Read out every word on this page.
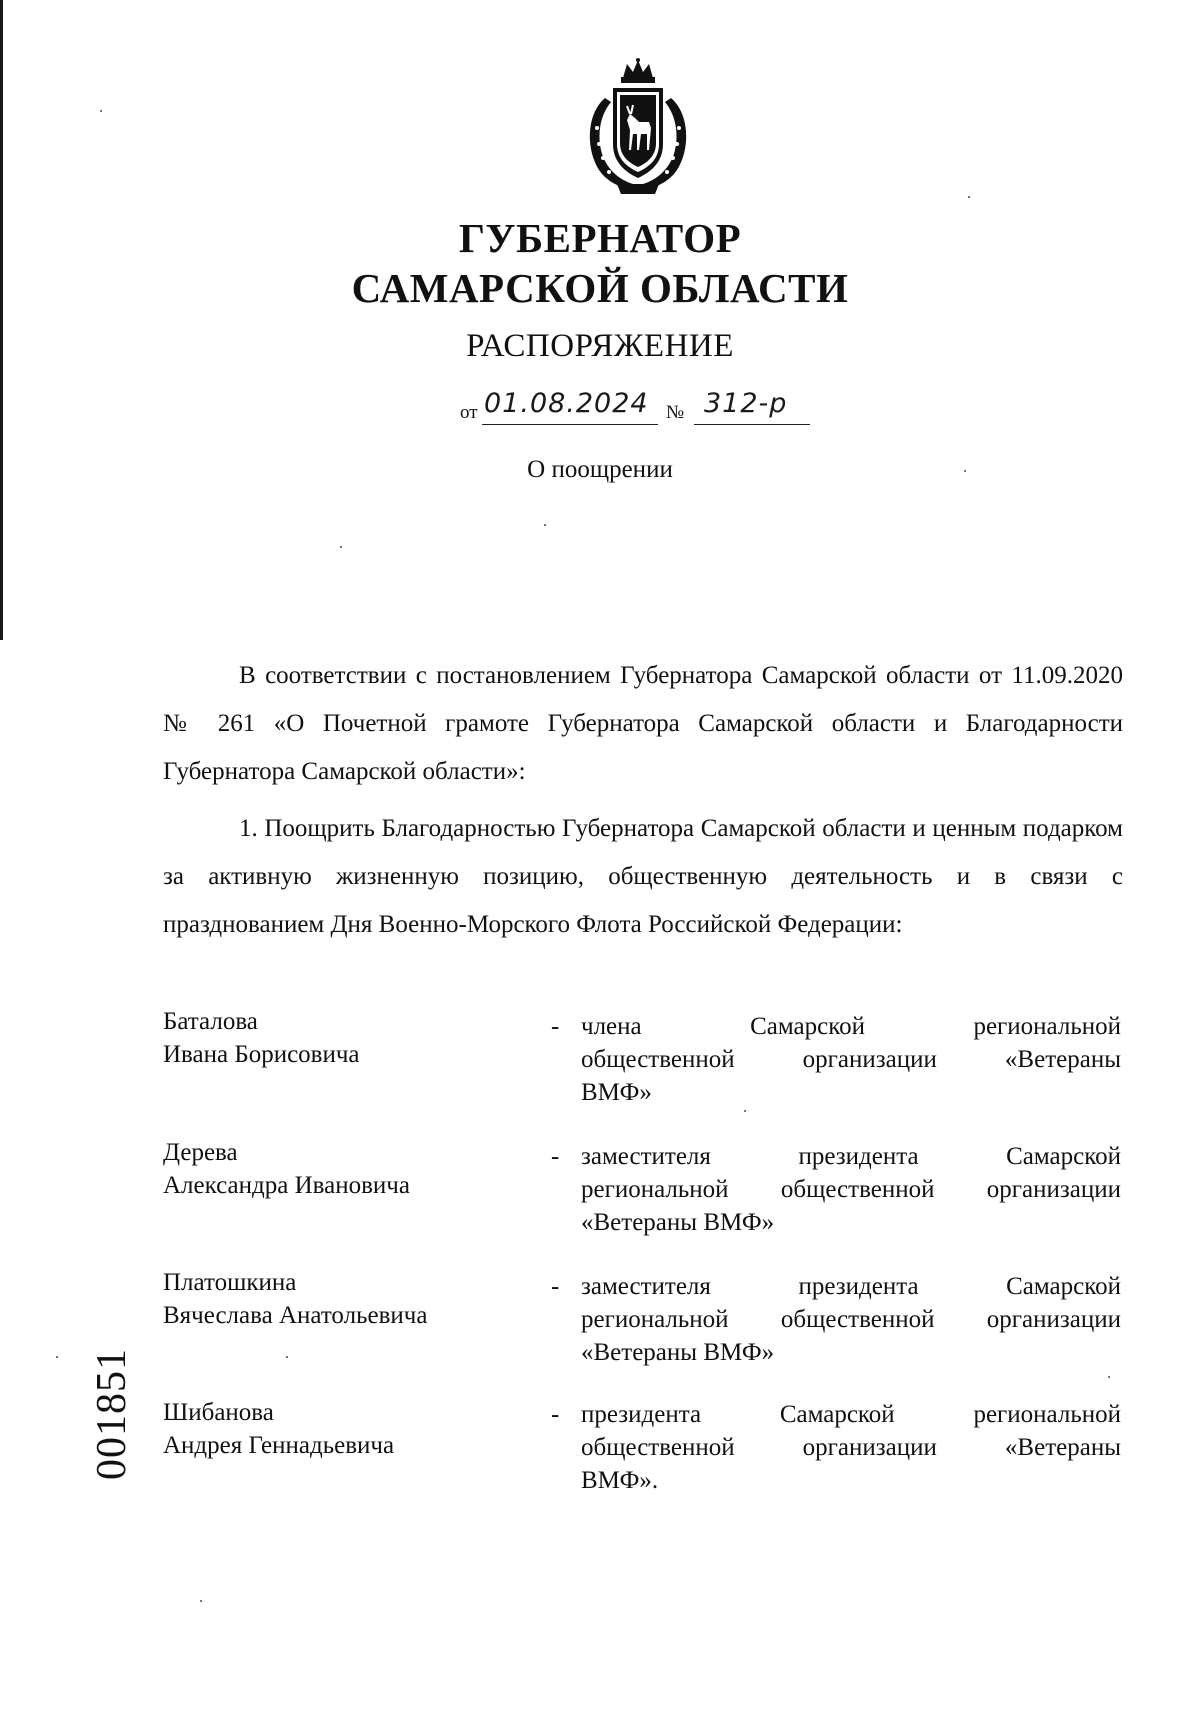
ГУБЕРНАТОР
САМАРСКОЙ ОБЛАСТИ
РАСПОРЯЖЕНИЕ
от 01.08.2024 № 312-р
О поощрении
В соответствии с постановлением Губернатора Самарской области от 11.09.2020 № 261 «О Почетной грамоте Губернатора Самарской области и Благодарности Губернатора Самарской области»:
1. Поощрить Благодарностью Губернатора Самарской области и ценным подарком за активную жизненную позицию, общественную деятельность и в связи с празднованием Дня Военно-Морского Флота Российской Федерации:
Баталова
Ивана Борисовича
- члена Самарской региональной
общественной организации «Ветераны
ВМФ»
Дерева
Александра Ивановича
- заместителя президента Самарской
региональной общественной организации
«Ветераны ВМФ»
Платошкина
Вячеслава Анатольевича
- заместителя президента Самарской
региональной общественной организации
«Ветераны ВМФ»
Шибанова
Андрея Геннадьевича
- президента Самарской региональной
общественной организации «Ветераны
ВМФ».
001851
